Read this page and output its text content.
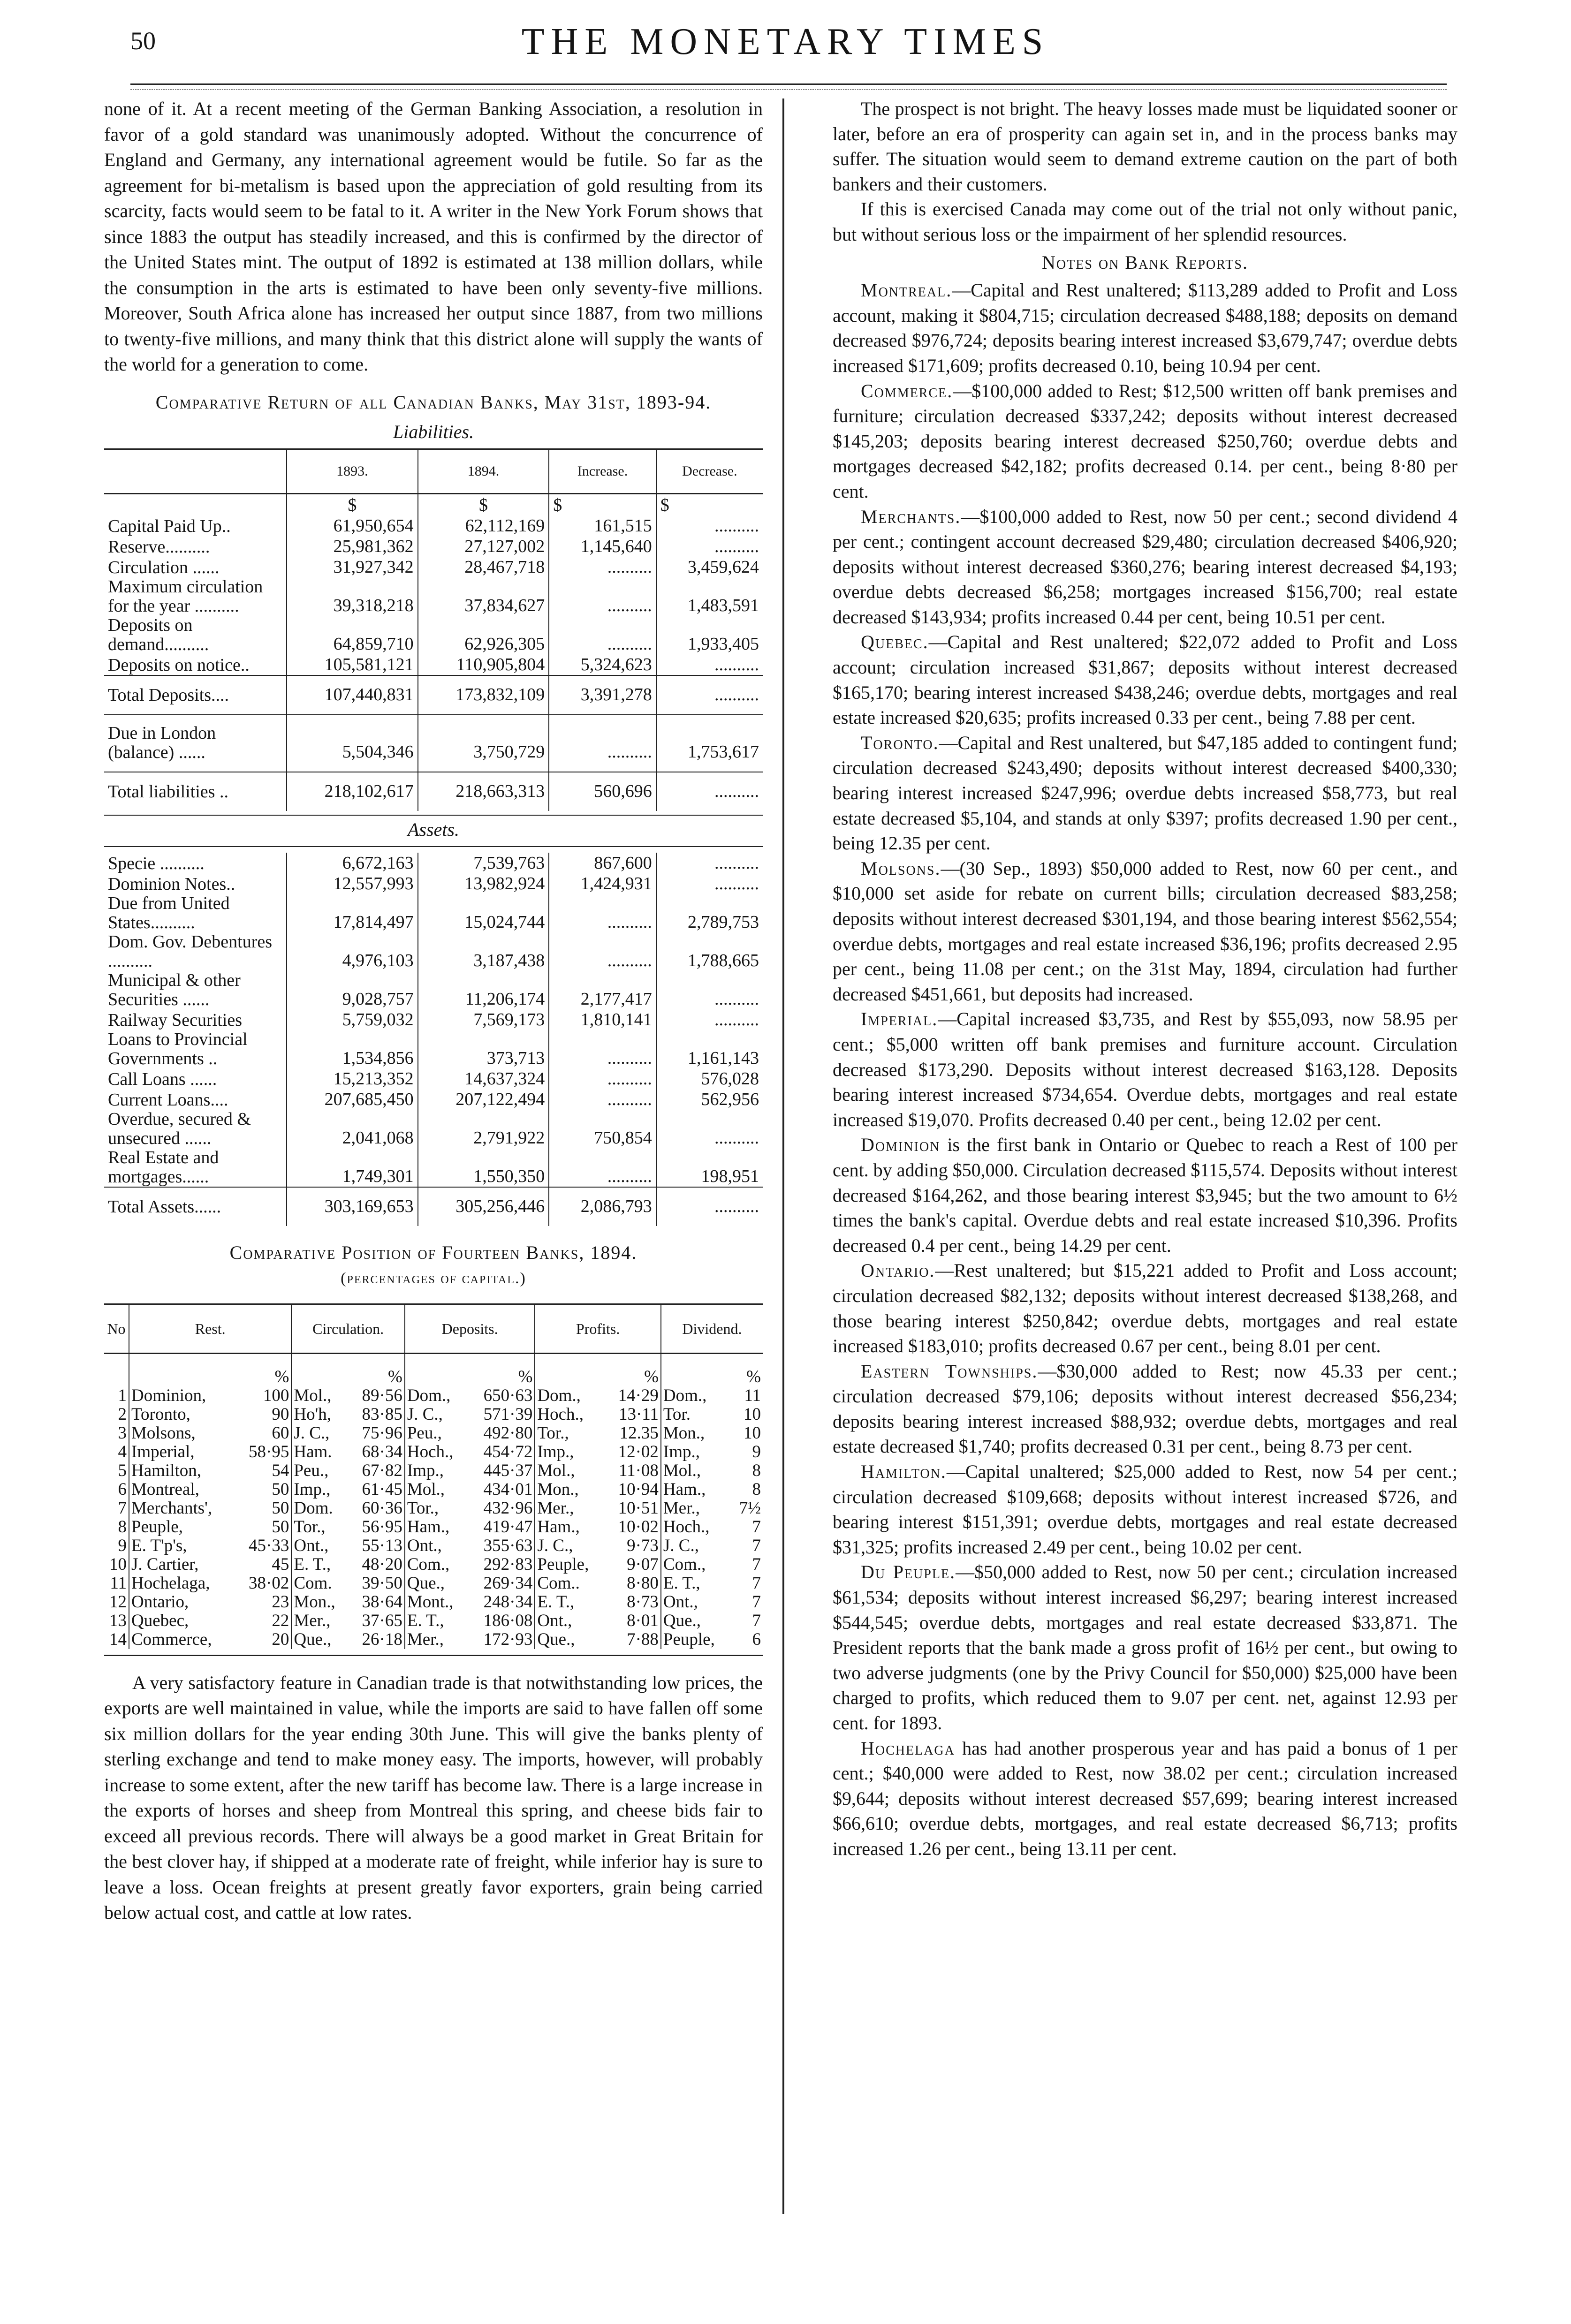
50	THE MONETARY TIMES

none of it. At a recent meeting of the German Banking Association, a resolution in favor of a gold standard was unanimously adopted. Without the concurrence of England and Germany, any international agreement would be futile. So far as the agreement for bi-metalism is based upon the appreciation of gold resulting from its scarcity, facts would seem to be fatal to it. A writer in the New York Forum shows that since 1883 the output has steadily increased, and this is confirmed by the director of the United States mint. The output of 1892 is estimated at 138 million dollars, while the consumption in the arts is estimated to have been only seventy-five millions. Moreover, South Africa alone has increased her output since 1887, from two millions to twenty-five millions, and many think that this district alone will supply the wants of the world for a generation to come.

Comparative Return of all Canadian Banks, May 31st, 1893-94.

Liabilities.
	1893.	1894.	Increase.	Decrease.
	$	$	$	$
Capital Paid Up..	61,950,654	62,112,169	161,515	..........
Reserve..........	25,981,362	27,127,002	1,145,640	..........
Circulation ......	31,927,342	28,467,718	..........	3,459,624
Maximum circulation for the year ..........	39,318,218	37,834,627	..........	1,483,591
Deposits on demand..........	64,859,710	62,926,305	..........	1,933,405
Deposits on notice..	105,581,121	110,905,804	5,324,623	..........
Total Deposits....	107,440,831	173,832,109	3,391,278	..........
Due in London (balance) ......	5,504,346	3,750,729	..........	1,753,617
Total liabilities ..	218,102,617	218,663,313	560,696	..........
Assets.
Specie ..........	6,672,163	7,539,763	867,600	..........
Dominion Notes..	12,557,993	13,982,924	1,424,931	..........
Due from United States..........	17,814,497	15,024,744	..........	2,789,753
Dom. Gov. Debentures ..........	4,976,103	3,187,438	..........	1,788,665
Municipal & other Securities ......	9,028,757	11,206,174	2,177,417	..........
Railway Securities	5,759,032	7,569,173	1,810,141	..........
Loans to Provincial Governments ..	1,534,856	373,713	..........	1,161,143
Call Loans ......	15,213,352	14,637,324	..........	576,028
Current Loans....	207,685,450	207,122,494	..........	562,956
Overdue, secured & unsecured ......	2,041,068	2,791,922	750,854	..........
Real Estate and mortgages......	1,749,301	1,550,350	..........	198,951
Total Assets......	303,169,653	305,256,446	2,086,793	..........

Comparative Position of Fourteen Banks, 1894.

(percentages of capital.)

No	Rest.		Circulation.		Deposits.		Profits.		Dividend.	
		%		%		%		%		%
1	Dominion,	100	Mol.,	89·56	Dom.,	650·63	Dom.,	14·29	Dom.,	11
2	Toronto,	90	Ho'h,	83·85	J. C.,	571·39	Hoch.,	13·11	Tor.	10
3	Molsons,	60	J. C.,	75·96	Peu.,	492·80	Tor.,	12.35	Mon.,	10
4	Imperial,	58·95	Ham.	68·34	Hoch.,	454·72	Imp.,	12·02	Imp.,	9
5	Hamilton,	54	Peu.,	67·82	Imp.,	445·37	Mol.,	11·08	Mol.,	8
6	Montreal,	50	Imp.,	61·45	Mol.,	434·01	Mon.,	10·94	Ham.,	8
7	Merchants',	50	Dom.	60·36	Tor.,	432·96	Mer.,	10·51	Mer.,	7½
8	Peuple,	50	Tor.,	56·95	Ham.,	419·47	Ham.,	10·02	Hoch.,	7
9	E. T'p's,	45·33	Ont.,	55·13	Ont.,	355·63	J. C.,	9·73	J. C.,	7
10	J. Cartier,	45	E. T.,	48·20	Com.,	292·83	Peuple,	9·07	Com.,	7
11	Hochelaga,	38·02	Com.	39·50	Que.,	269·34	Com..	8·80	E. T.,	7
12	Ontario,	23	Mon.,	38·64	Mont.,	248·34	E. T.,	8·73	Ont.,	7
13	Quebec,	22	Mer.,	37·65	E. T.,	186·08	Ont.,	8·01	Que.,	7
14	Commerce,	20	Que.,	26·18	Mer.,	172·93	Que.,	7·88	Peuple,	6

A very satisfactory feature in Canadian trade is that notwithstanding low prices, the exports are well maintained in value, while the imports are said to have fallen off some six million dollars for the year ending 30th June. This will give the banks plenty of sterling exchange and tend to make money easy. The imports, however, will probably increase to some extent, after the new tariff has become law. There is a large increase in the exports of horses and sheep from Montreal this spring, and cheese bids fair to exceed all previous records. There will always be a good market in Great Britain for the best clover hay, if shipped at a moderate rate of freight, while inferior hay is sure to leave a loss. Ocean freights at present greatly favor exporters, grain being carried below actual cost, and cattle at low rates.

The prospect is not bright. The heavy losses made must be liquidated sooner or later, before an era of prosperity can again set in, and in the process banks may suffer. The situation would seem to demand extreme caution on the part of both bankers and their customers.

If this is exercised Canada may come out of the trial not only without panic, but without serious loss or the impairment of her splendid resources.

Notes on Bank Reports.

Montreal.—Capital and Rest unaltered; $113,289 added to Profit and Loss account, making it $804,715; circulation decreased $488,188; deposits on demand decreased $976,724; deposits bearing interest increased $3,679,747; overdue debts increased $171,609; profits decreased 0.10, being 10.94 per cent.

Commerce.—$100,000 added to Rest; $12,500 written off bank premises and furniture; circulation decreased $337,242; deposits without interest decreased $145,203; deposits bearing interest decreased $250,760; overdue debts and mortgages decreased $42,182; profits decreased 0.14. per cent., being 8·80 per cent.

Merchants.—$100,000 added to Rest, now 50 per cent.; second dividend 4 per cent.; contingent account decreased $29,480; circulation decreased $406,920; deposits without interest decreased $360,276; bearing interest decreased $4,193; overdue debts decreased $6,258; mortgages increased $156,700; real estate decreased $143,934; profits increased 0.44 per cent, being 10.51 per cent.

Quebec.—Capital and Rest unaltered; $22,072 added to Profit and Loss account; circulation increased $31,867; deposits without interest decreased $165,170; bearing interest increased $438,246; overdue debts, mortgages and real estate increased $20,635; profits increased 0.33 per cent., being 7.88 per cent.

Toronto.—Capital and Rest unaltered, but $47,185 added to contingent fund; circulation decreased $243,490; deposits without interest decreased $400,330; bearing interest increased $247,996; overdue debts increased $58,773, but real estate decreased $5,104, and stands at only $397; profits decreased 1.90 per cent., being 12.35 per cent.

Molsons.—(30 Sep., 1893) $50,000 added to Rest, now 60 per cent., and $10,000 set aside for rebate on current bills; circulation decreased $83,258; deposits without interest decreased $301,194, and those bearing interest $562,554; overdue debts, mortgages and real estate increased $36,196; profits decreased 2.95 per cent., being 11.08 per cent.; on the 31st May, 1894, circulation had further decreased $451,661, but deposits had increased.

Imperial.—Capital increased $3,735, and Rest by $55,093, now 58.95 per cent.; $5,000 written off bank premises and furniture account. Circulation decreased $173,290. Deposits without interest decreased $163,128. Deposits bearing interest increased $734,654. Overdue debts, mortgages and real estate increased $19,070. Profits decreased 0.40 per cent., being 12.02 per cent.

Dominion is the first bank in Ontario or Quebec to reach a Rest of 100 per cent. by adding $50,000. Circulation decreased $115,574. Deposits without interest decreased $164,262, and those bearing interest $3,945; but the two amount to 6½ times the bank's capital. Overdue debts and real estate increased $10,396. Profits decreased 0.4 per cent., being 14.29 per cent.

Ontario.—Rest unaltered; but $15,221 added to Profit and Loss account; circulation decreased $82,132; deposits without interest decreased $138,268, and those bearing interest $250,842; overdue debts, mortgages and real estate increased $183,010; profits decreased 0.67 per cent., being 8.01 per cent.

Eastern Townships.—$30,000 added to Rest; now 45.33 per cent.; circulation decreased $79,106; deposits without interest decreased $56,234; deposits bearing interest increased $88,932; overdue debts, mortgages and real estate decreased $1,740; profits decreased 0.31 per cent., being 8.73 per cent.

Hamilton.—Capital unaltered; $25,000 added to Rest, now 54 per cent.; circulation decreased $109,668; deposits without interest increased $726, and bearing interest $151,391; overdue debts, mortgages and real estate decreased $31,325; profits increased 2.49 per cent., being 10.02 per cent.

Du Peuple.—$50,000 added to Rest, now 50 per cent.; circulation increased $61,534; deposits without interest increased $6,297; bearing interest increased $544,545; overdue debts, mortgages and real estate decreased $33,871. The President reports that the bank made a gross profit of 16½ per cent., but owing to two adverse judgments (one by the Privy Council for $50,000) $25,000 have been charged to profits, which reduced them to 9.07 per cent. net, against 12.93 per cent. for 1893.

Hochelaga has had another prosperous year and has paid a bonus of 1 per cent.; $40,000 were added to Rest, now 38.02 per cent.; circulation increased $9,644; deposits without interest decreased $57,699; bearing interest increased $66,610; overdue debts, mortgages, and real estate decreased $6,713; profits increased 1.26 per cent., being 13.11 per cent.
